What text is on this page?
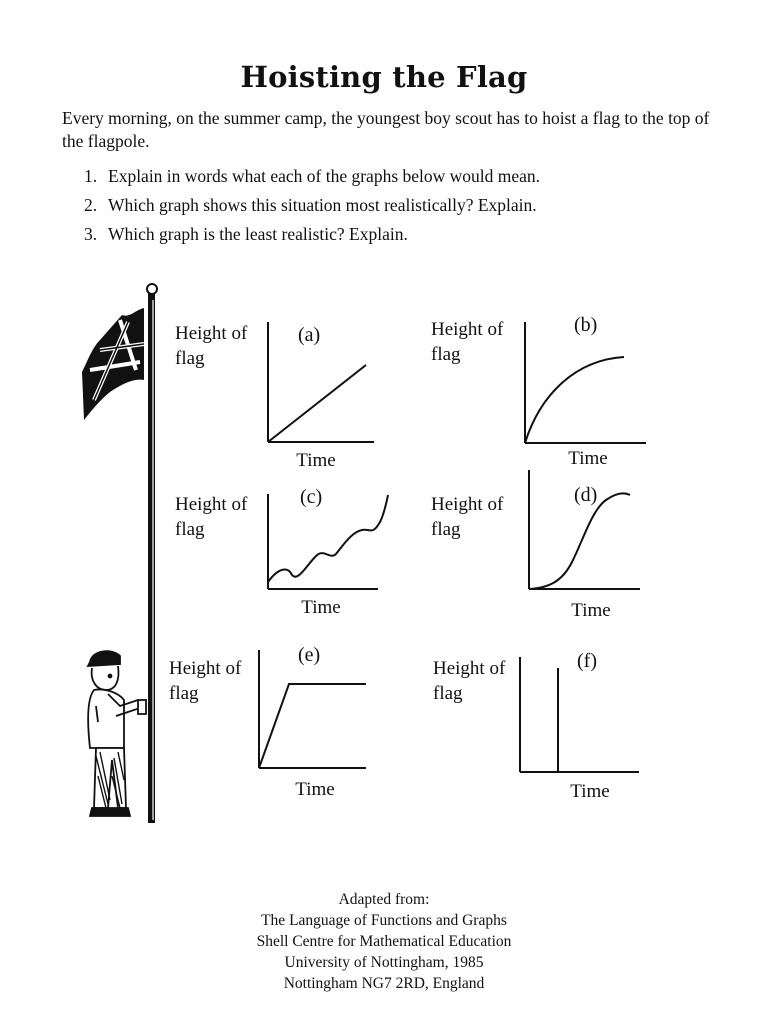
Hoisting the Flag
Every morning, on the summer camp, the youngest boy scout has to hoist a flag to the top of the flagpole.
1. Explain in words what each of the graphs below would mean.
2. Which graph shows this situation most realistically? Explain.
3. Which graph is the least realistic? Explain.
Height of
flag
(a)
Time
Height of
flag
(b)
Time
Height of
flag
(c)
Time
Height of
flag
(d)
Time
Height of
flag
(e)
Time
Height of
flag
(f)
Time
Adapted from:
The Language of Functions and Graphs
Shell Centre for Mathematical Education
University of Nottingham, 1985
Nottingham NG7 2RD, England
